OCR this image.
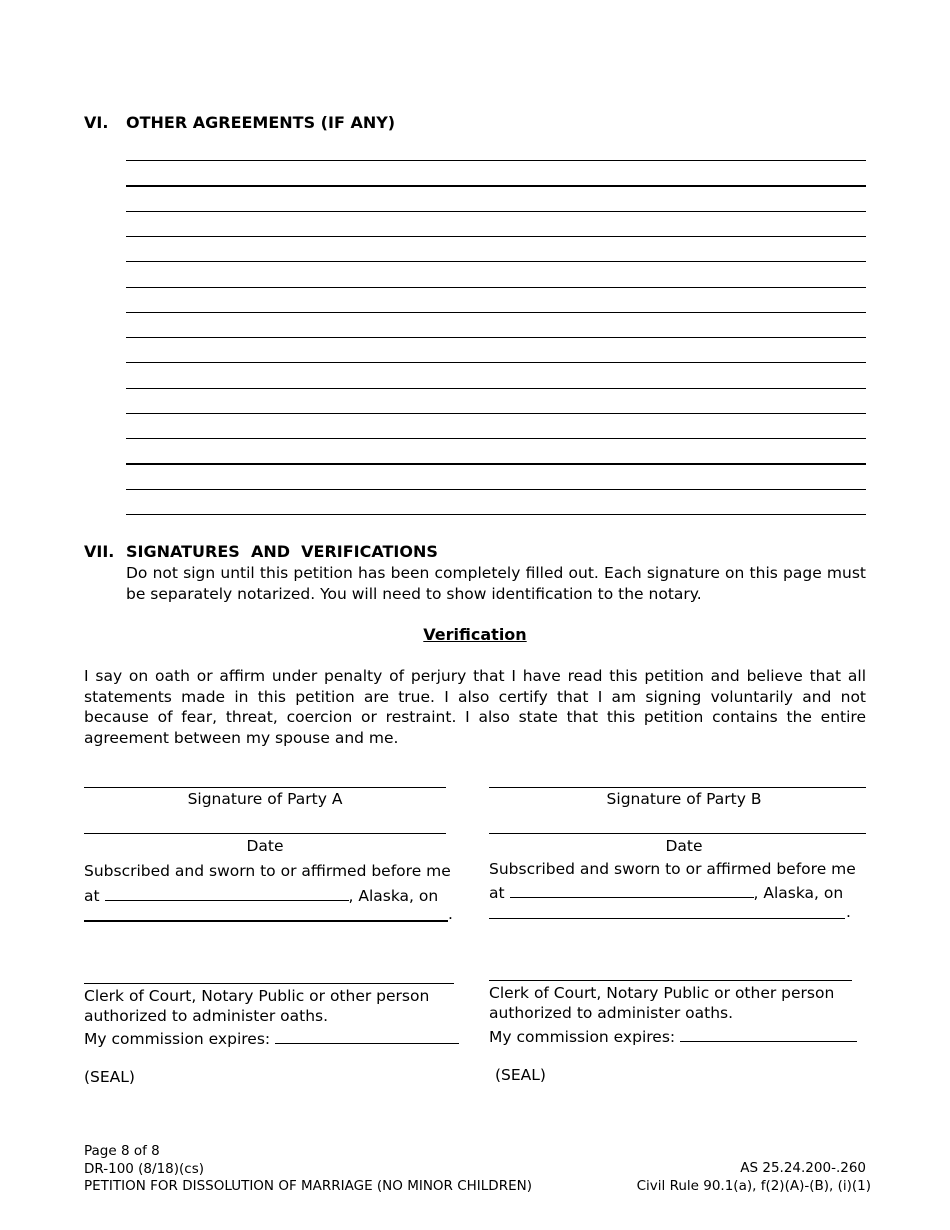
VI. OTHER AGREEMENTS (IF ANY)
VII. SIGNATURES  AND  VERIFICATIONS
Do not sign until this petition has been completely filled out. Each signature on this page must be separately notarized. You will need to show identification to the notary.
Verification
I say on oath or affirm under penalty of perjury that I have read this petition and believe that all statements made in this petition are true. I also certify that I am signing voluntarily and not because of fear, threat, coercion or restraint. I also state that this petition contains the entire agreement between my spouse and me.
Signature of Party A
Date
Subscribed and sworn to or affirmed before me
at	, Alaska, on
.
Clerk of Court, Notary Public or other person
authorized to administer oaths.
My commission expires:
(SEAL)
Signature of Party B
Date
Subscribed and sworn to or affirmed before me
at	, Alaska, on
.
Clerk of Court, Notary Public or other person
authorized to administer oaths.
My commission expires:
(SEAL)
Page 8 of 8
DR-100 (8/18)(cs)
PETITION FOR DISSOLUTION OF MARRIAGE (NO MINOR CHILDREN)
AS 25.24.200-.260
Civil Rule 90.1(a), f(2)(A)-(B), (i)(1)
